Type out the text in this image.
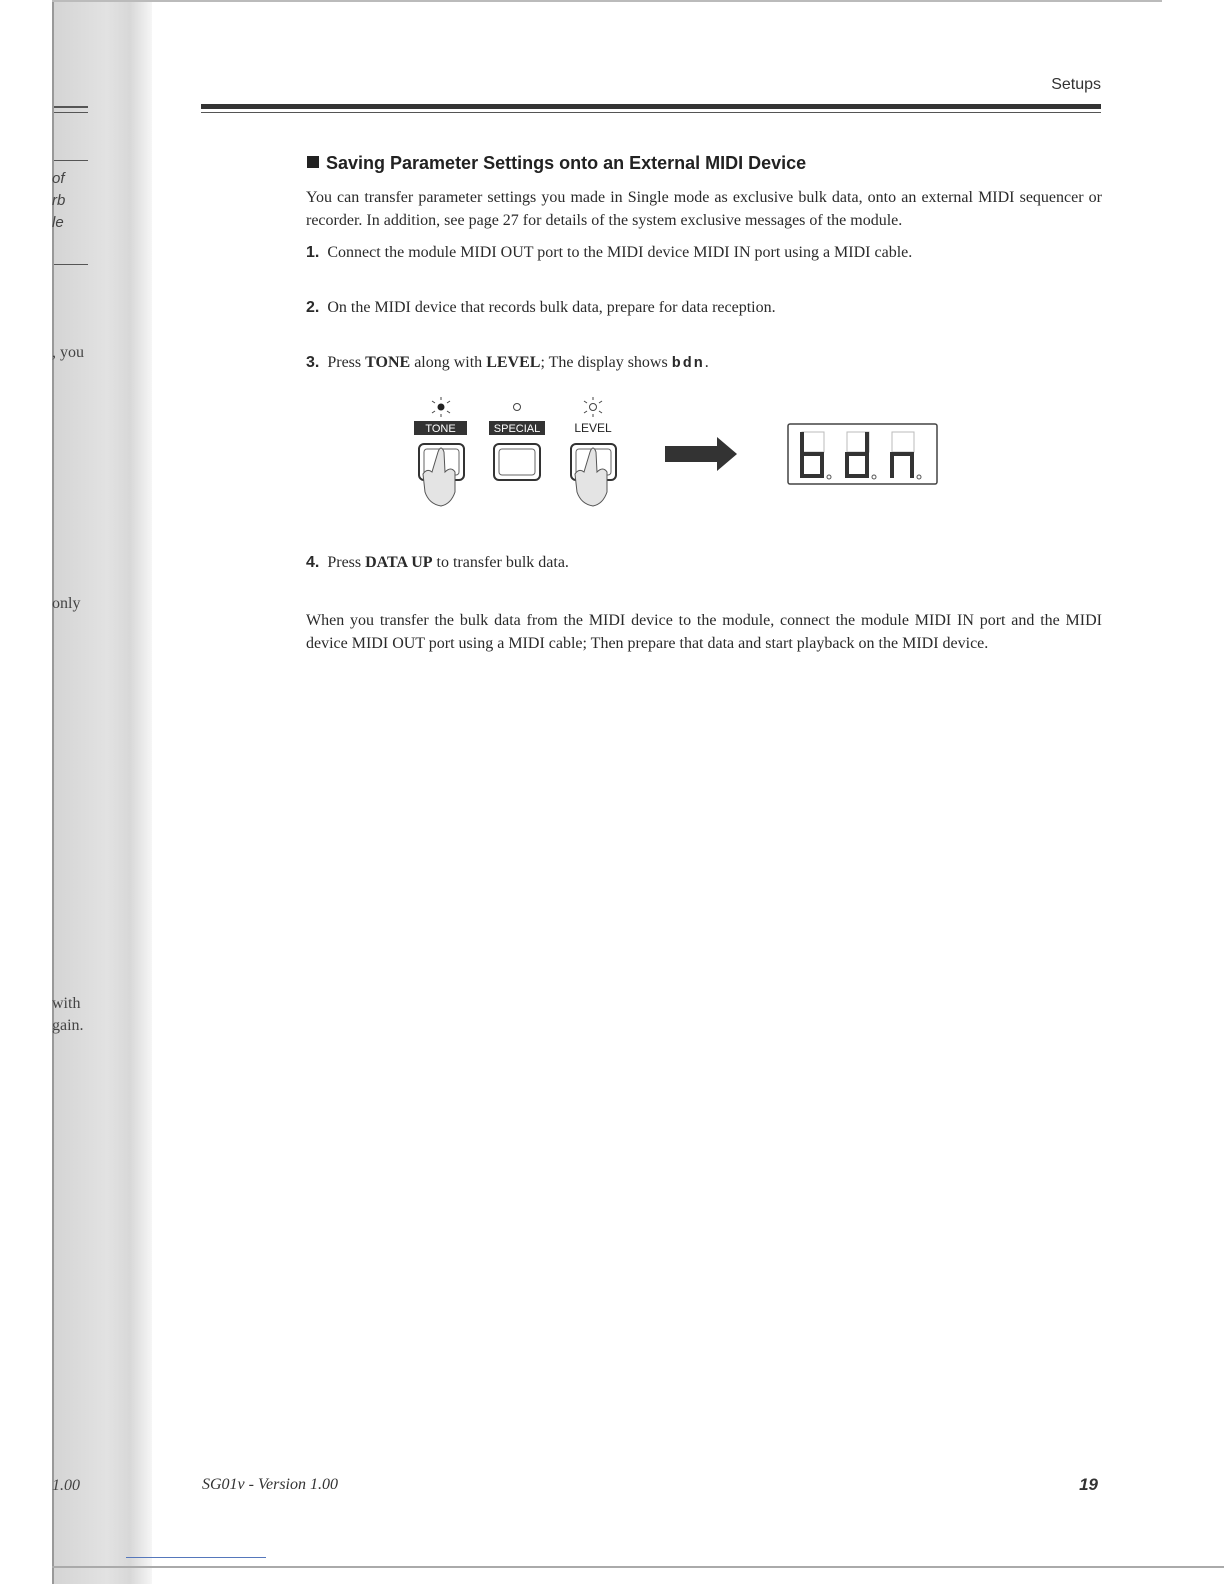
of
rb
le
, you
only
with
gain.
1.00
Setups
Saving Parameter Settings onto an External MIDI Device
You can transfer parameter settings you made in Single mode as exclusive bulk data, onto an external MIDI sequencer or recorder. In addition, see page 27 for details of the system exclusive messages of the module.
1. Connect the module MIDI OUT port to the MIDI device MIDI IN port using a MIDI cable.
2. On the MIDI device that records bulk data, prepare for data reception.
3. Press TONE along with LEVEL; The display shows bdn.
TONE	SPECIAL	LEVEL
4. Press DATA UP to transfer bulk data.
When you transfer the bulk data from the MIDI device to the module, connect the module MIDI IN port and the MIDI device MIDI OUT port using a MIDI cable; Then prepare that data and start playback on the MIDI device.
SG01v - Version 1.00	19
